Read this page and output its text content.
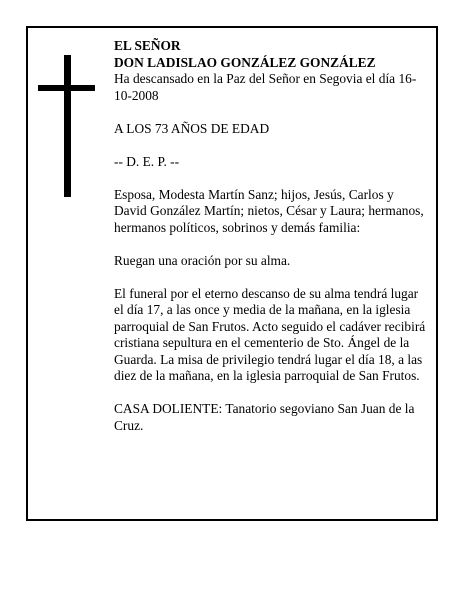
EL SEÑOR

DON LADISLAO GONZÁLEZ GONZÁLEZ

Ha descansado en la Paz del Señor en Segovia el día 16-10-2008

A LOS 73 AÑOS DE EDAD

-- D. E. P. --

Esposa, Modesta Martín Sanz; hijos, Jesús, Carlos y David González Martín; nietos, César y Laura; hermanos, hermanos políticos, sobrinos y demás familia:

Ruegan una oración por su alma.

El funeral por el eterno descanso de su alma tendrá lugar el día 17, a las once y media de la mañana, en la iglesia parroquial de San Frutos. Acto seguido el cadáver recibirá cristiana sepultura en el cementerio de Sto. Ángel de la Guarda. La misa de privilegio tendrá lugar el día 18, a las diez de la mañana, en la iglesia parroquial de San Frutos.

CASA DOLIENTE: Tanatorio segoviano San Juan de la Cruz.
